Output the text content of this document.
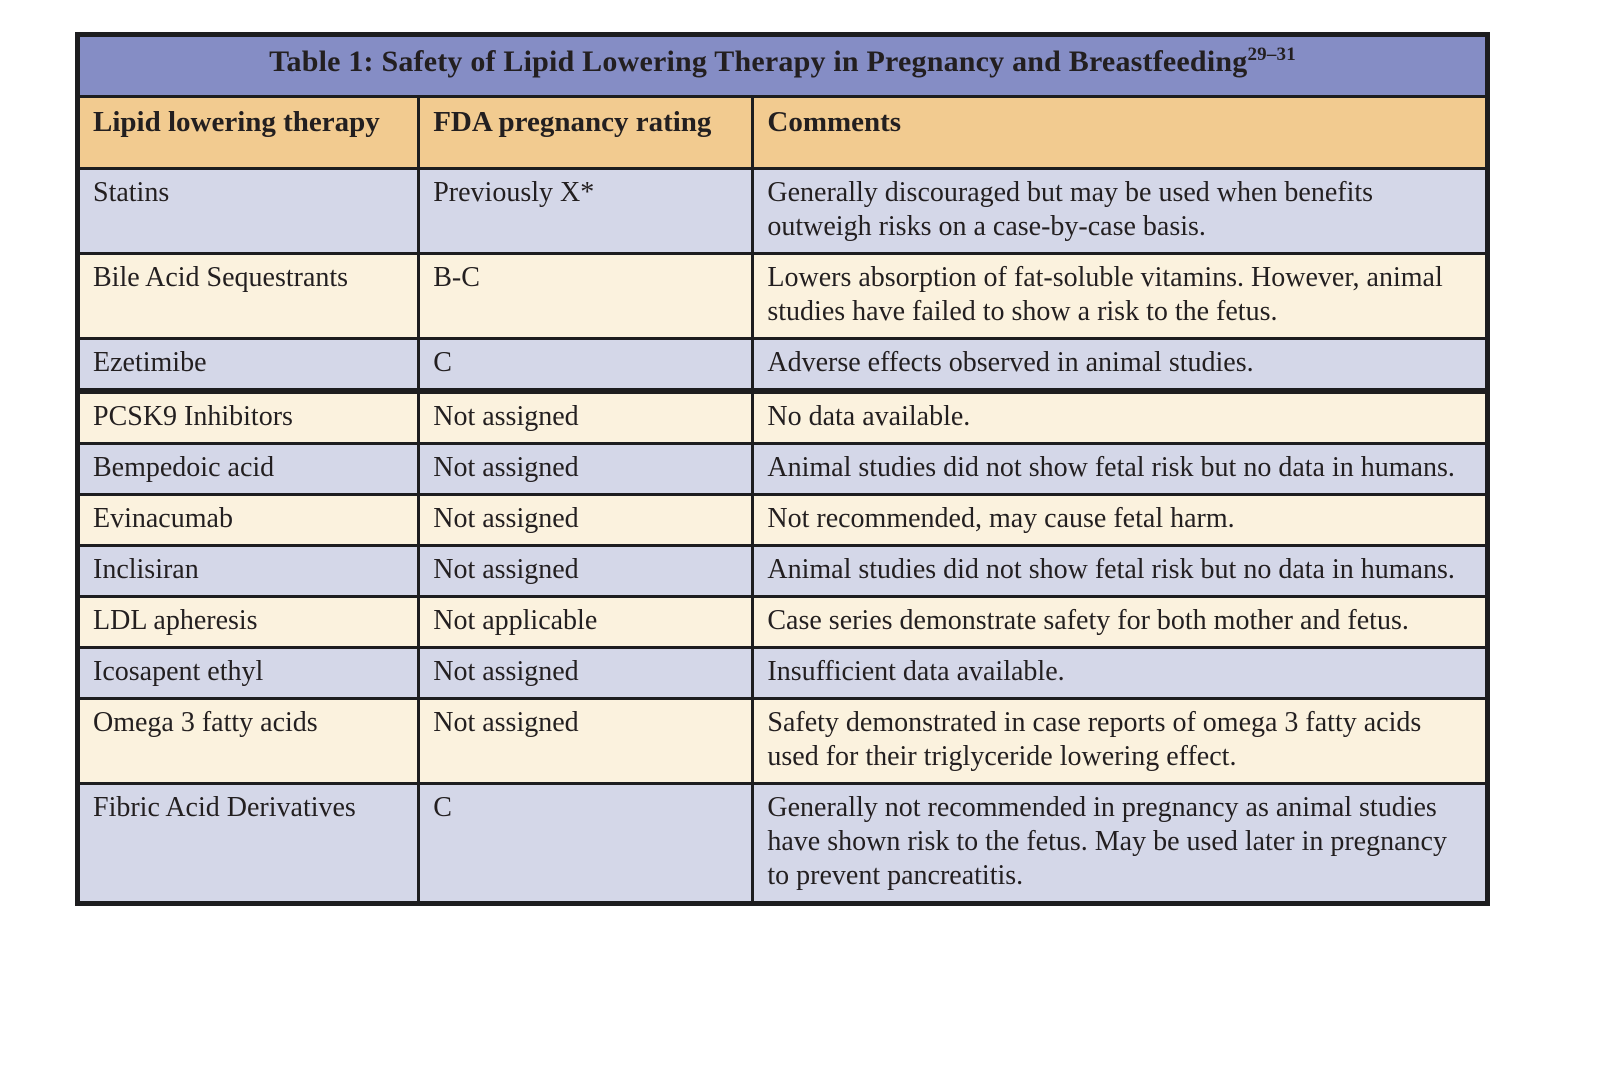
Table 1: Safety of Lipid Lowering Therapy in Pregnancy and Breastfeeding$^{29-31}$
Lipid lowering therapy	FDA pregnancy rating	Comments
Statins	Previously X*	Generally discouraged but may be used when benefits outweigh risks on a case-by-case basis.
Bile Acid Sequestrants	B-C	Lowers absorption of fat-soluble vitamins. However, animal studies have failed to show a risk to the fetus.
Ezetimibe	C	Adverse effects observed in animal studies.
PCSK9 Inhibitors	Not assigned	No data available.
Bempedoic acid	Not assigned	Animal studies did not show fetal risk but no data in humans.
Evinacumab	Not assigned	Not recommended, may cause fetal harm.
Inclisiran	Not assigned	Animal studies did not show fetal risk but no data in humans.
LDL apheresis	Not applicable	Case series demonstrate safety for both mother and fetus.
Icosapent ethyl	Not assigned	Insufficient data available.
Omega 3 fatty acids	Not assigned	Safety demonstrated in case reports of omega 3 fatty acids used for their triglyceride lowering effect.
Fibric Acid Derivatives	C	Generally not recommended in pregnancy as animal studies have shown risk to the fetus. May be used later in pregnancy to prevent pancreatitis.
